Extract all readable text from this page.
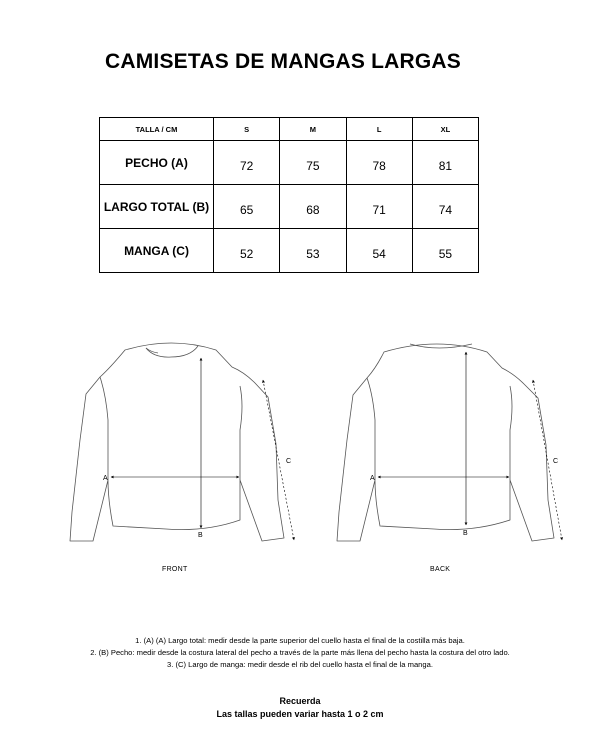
CAMISETAS DE MANGAS LARGAS
TALLA / CM	S	M	L	XL
PECHO (A)	72	75	78	81
LARGO TOTAL (B)	65	68	71	74
MANGA (C)	52	53	54	55
A
B
C
A
B
C
FRONT	BACK
1. (A) (A) Largo total: medir desde la parte superior del cuello hasta el final de la costilla más baja.
2. (B) Pecho: medir desde la costura lateral del pecho a través de la parte más llena del pecho hasta la costura del otro lado.
3. (C) Largo de manga: medir desde el rib del cuello hasta el final de la manga.
Recuerda
Las tallas pueden variar hasta 1 o 2 cm
